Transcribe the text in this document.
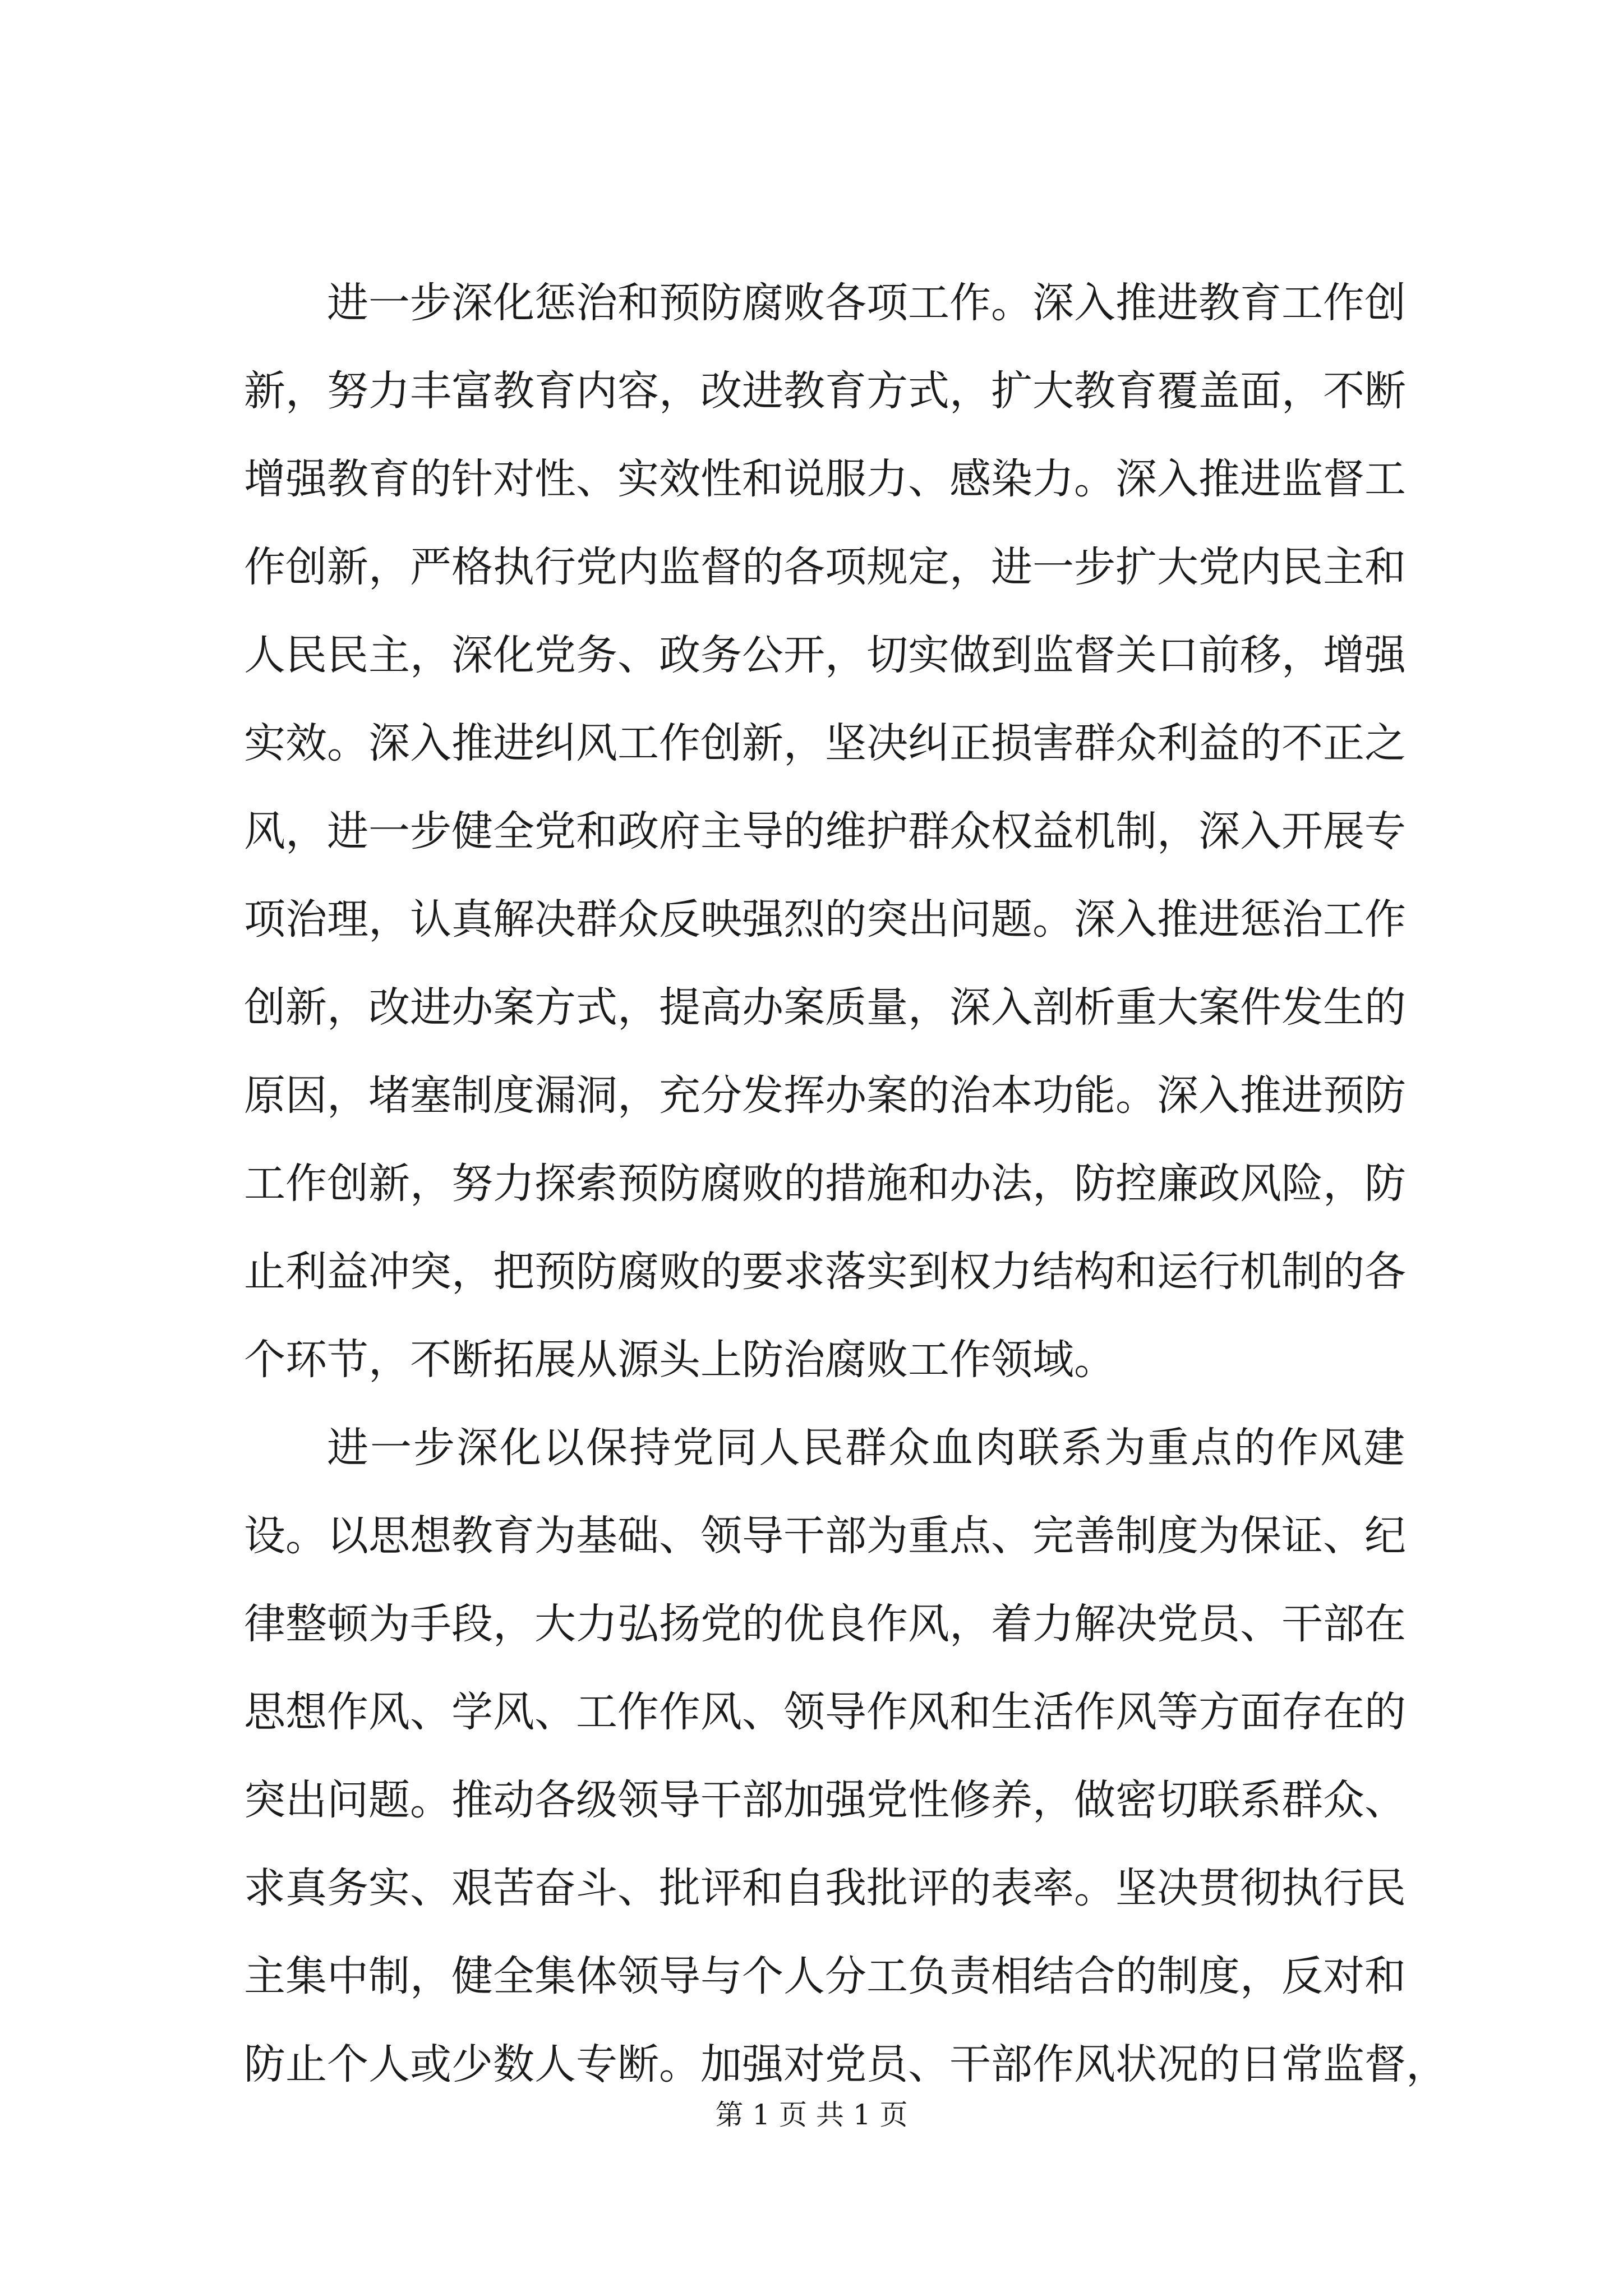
进一步深化惩治和预防腐败各项工作。深入推进教育工作创
新，努力丰富教育内容，改进教育方式，扩大教育覆盖面，不断
增强教育的针对性、实效性和说服力、感染力。深入推进监督工
作创新，严格执行党内监督的各项规定，进一步扩大党内民主和
人民民主，深化党务、政务公开，切实做到监督关口前移，增强
实效。深入推进纠风工作创新，坚决纠正损害群众利益的不正之
风，进一步健全党和政府主导的维护群众权益机制，深入开展专
项治理，认真解决群众反映强烈的突出问题。深入推进惩治工作
创新，改进办案方式，提高办案质量，深入剖析重大案件发生的
原因，堵塞制度漏洞，充分发挥办案的治本功能。深入推进预防
工作创新，努力探索预防腐败的措施和办法，防控廉政风险，防
止利益冲突，把预防腐败的要求落实到权力结构和运行机制的各
个环节，不断拓展从源头上防治腐败工作领域。
进一步深化以保持党同人民群众血肉联系为重点的作风建
设。以思想教育为基础、领导干部为重点、完善制度为保证、纪
律整顿为手段，大力弘扬党的优良作风，着力解决党员、干部在
思想作风、学风、工作作风、领导作风和生活作风等方面存在的
突出问题。推动各级领导干部加强党性修养，做密切联系群众、
求真务实、艰苦奋斗、批评和自我批评的表率。坚决贯彻执行民
主集中制，健全集体领导与个人分工负责相结合的制度，反对和
防止个人或少数人专断。加强对党员、干部作风状况的日常监督，
第 1 页 共 1 页
